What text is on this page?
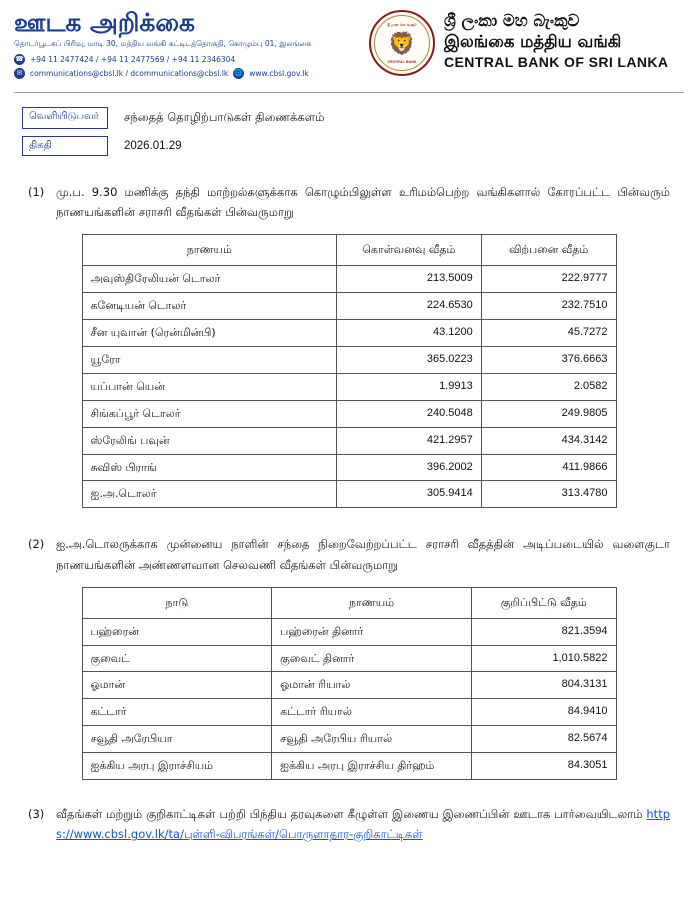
ஊடக அறிக்கை
தொடர்பூடகப் பிரிவு, மாடி 30, மத்திய வங்கி கட்டிடத்தொகுதி, கொழும்பு 01, இலங்கை
☎ +94 11 2477424 / +94 11 2477569 / +94 11 2346304
✉	communications@cbsl.lk / dcommunications@cbsl.lk 🌐 www.cbsl.gov.lk
ශ්‍රී ලංකා මහ බැංකුව
🦁
CENTRAL BANK
ශ්‍රී ලංකා මහ බැංකුව
இலங்கை மத்திய வங்கி
CENTRAL BANK OF SRI LANKA
வெளியிடுபவர்	சந்தைத் தொழிற்பாடுகள் திணைக்களம்
திகதி	2026.01.29
(1)	மு.ப. 9.30 மணிக்கு தந்தி மாற்றல்களுக்காக கொழும்பிலுள்ள உரிமம்பெற்ற வங்கிகளால் கோரப்பட்ட பின்வரும் நாணயங்களின் சராசரி வீதங்கள் பின்வருமாறு
நாணயம்	கொள்வனவு வீதம்	விற்பனை வீதம்
அவுஸ்திரேலியன் டொலர்	213.5009	222.9777
கனேடியன் டொலர்	224.6530	232.7510
சீன யுவான் (ரென்மின்பி)	43.1200	45.7272
யூரோ	365.0223	376.6663
யப்பான் யென்	1.9913	2.0582
சிங்கப்பூர் டொலர்	240.5048	249.9805
ஸ்ரேலிங் பவுன்	421.2957	434.3142
சுவிஸ் பிராங்	396.2002	411.9866
ஐ.அ.டொலர்	305.9414	313.4780
(2)	ஐ.அ.டொலருக்காக முன்னைய நாளின் சந்தை நிறைவேற்றப்பட்ட சராசரி வீதத்தின் அடிப்படையில் வளைகுடா நாணயங்களின் அண்ணளவான செலவணி வீதங்கள் பின்வருமாறு
நாடு	நாணயம்	குறிப்பிட்டு வீதம்
பஹ்ரைன்	பஹ்ரைன் தினார்	821.3594
குவைட்	குவைட் தினார்	1,010.5822
ஓமான்	ஓமான் ரியால்	804.3131
கட்டார்	கட்டார் ரியால்	84.9410
சவூதி அரேபியா	சவூதி அரேபிய ரியால்	82.5674
ஐக்கிய அரபு இராச்சியம்	ஐக்கிய அரபு இராச்சிய திர்ஹம்	84.3051
(3)	வீதங்கள் மற்றும் குறிகாட்டிகள் பற்றி பிந்திய தரவுகளை கீழுள்ள இணைய இணைப்பின் ஊடாக பார்வையிடலாம் https://www.cbsl.gov.lk/ta/புள்ளி-விபரங்கள்/பொருளாதார-குறிகாட்டிகள்
